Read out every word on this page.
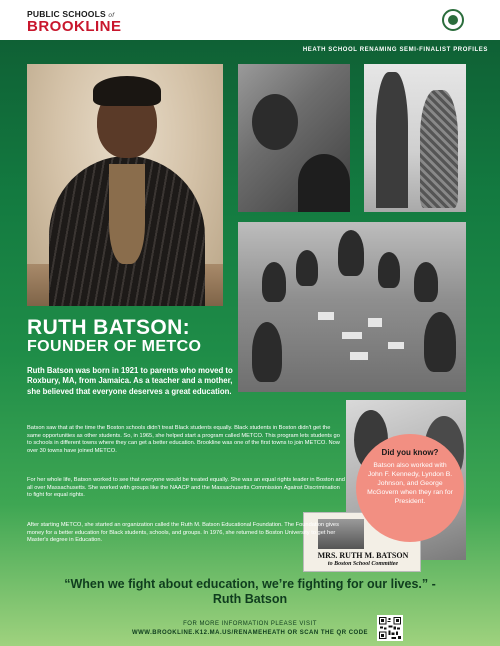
PUBLIC SCHOOLS of
BROOKLINE
HEATH SCHOOL RENAMING SEMI-FINALIST PROFILES
MRS. RUTH M. BATSON
to Boston School Committee
Did you know?
Batson also worked with John F. Kennedy, Lyndon B. Johnson, and George McGovern when they ran for President.
RUTH BATSON:
FOUNDER OF METCO
Ruth Batson was born in 1921 to parents who moved to Roxbury, MA, from Jamaica. As a teacher and a mother, she believed that everyone deserves a great education.
Batson saw that at the time the Boston schools didn't treat Black students equally. Black students in Boston didn't get the same opportunities as other students. So, in 1965, she helped start a program called METCO. This program lets students go to schools in different towns where they can get a better education. Brookline was one of the first towns to join METCO. Now over 30 towns have joined METCO.
For her whole life, Batson worked to see that everyone would be treated equally. She was an equal rights leader in Boston and all over Massachusetts. She worked with groups like the NAACP and the Massachusetts Commission Against Discrimination to fight for equal rights.
After starting METCO, she started an organization called the Ruth M. Batson Educational Foundation. The Foundation gives money for a better education for Black students, schools, and groups. In 1976, she returned to Boston University to get her Master's degree in Education.
“When we fight about education, we’re fighting for our lives.” -
Ruth Batson
FOR MORE INFORMATION PLEASE VISIT
WWW.BROOKLINE.K12.MA.US/RENAMEHEATH OR SCAN THE QR CODE
